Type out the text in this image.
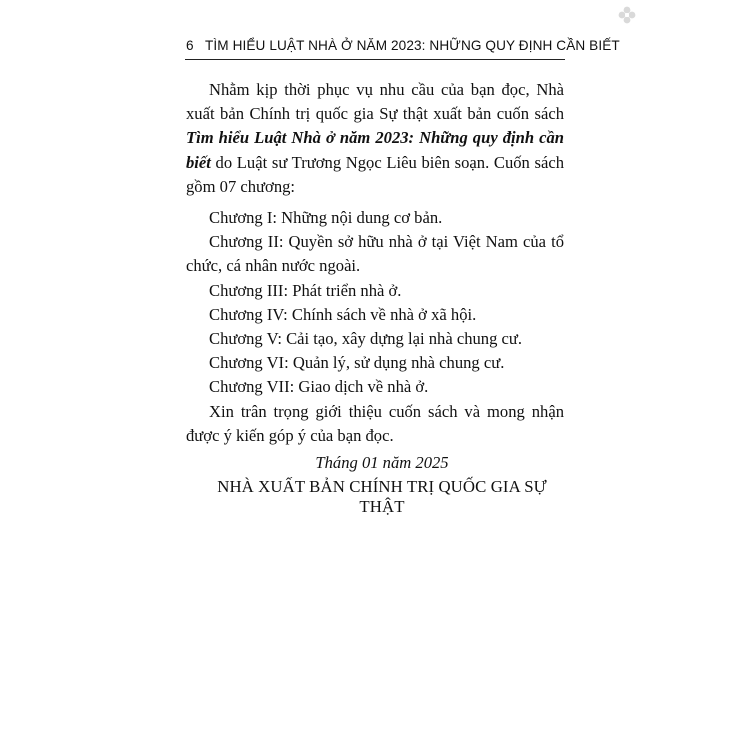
6 TÌM HIỂU LUẬT NHÀ Ở NĂM 2023: NHỮNG QUY ĐỊNH CẦN BIẾT

Nhằm kịp thời phục vụ nhu cầu của bạn đọc, Nhà xuất bản Chính trị quốc gia Sự thật xuất bản cuốn sách Tìm hiểu Luật Nhà ở năm 2023: Những quy định cần biết do Luật sư Trương Ngọc Liêu biên soạn. Cuốn sách gồm 07 chương:

Chương I: Những nội dung cơ bản.

Chương II: Quyền sở hữu nhà ở tại Việt Nam của tổ chức, cá nhân nước ngoài.

Chương III: Phát triển nhà ở.

Chương IV: Chính sách về nhà ở xã hội.

Chương V: Cải tạo, xây dựng lại nhà chung cư.

Chương VI: Quản lý, sử dụng nhà chung cư.

Chương VII: Giao dịch về nhà ở.

Xin trân trọng giới thiệu cuốn sách và mong nhận được ý kiến góp ý của bạn đọc.

Tháng 01 năm 2025
NHÀ XUẤT BẢN CHÍNH TRỊ QUỐC GIA SỰ THẬT
